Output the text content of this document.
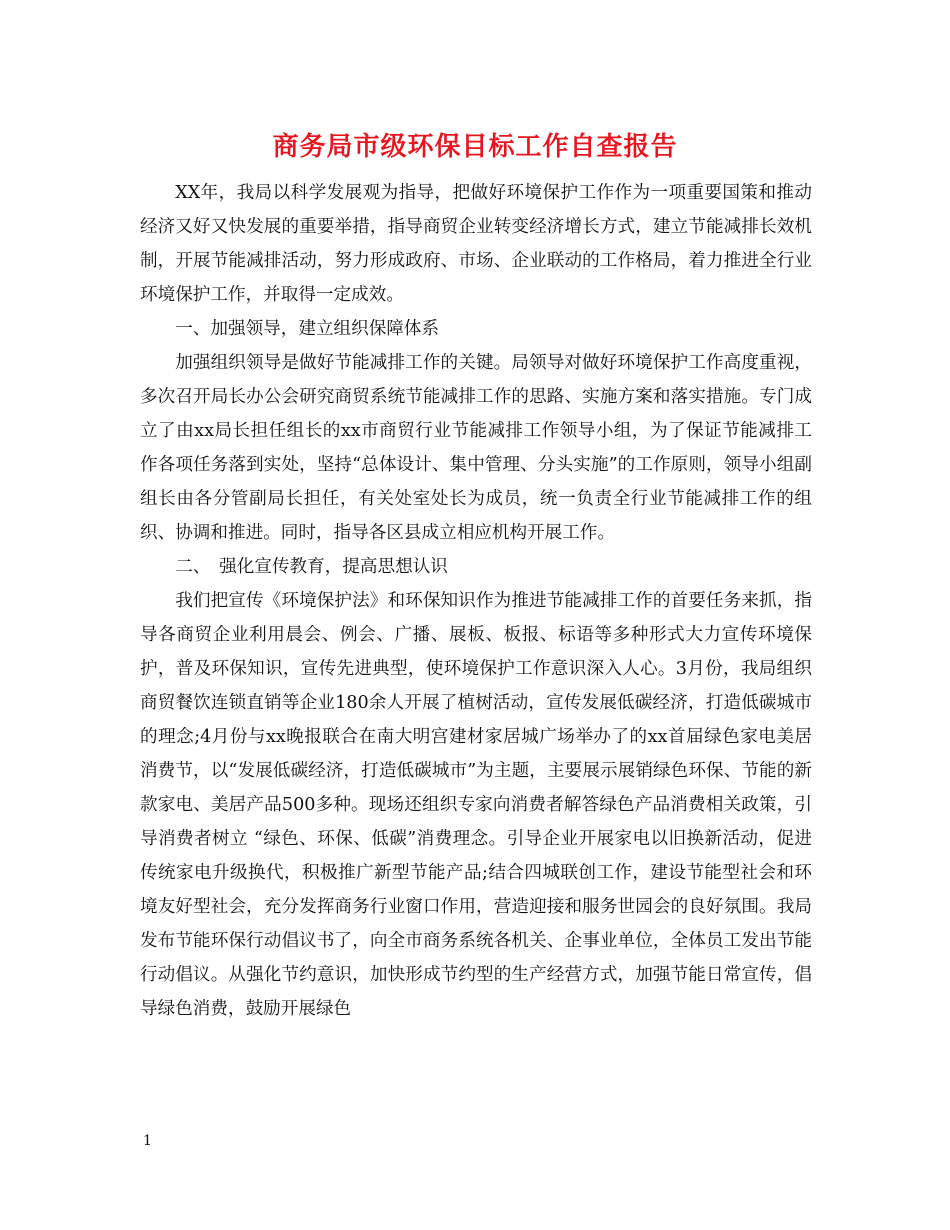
商务局市级环保目标工作自查报告

XX年，我局以科学发展观为指导，把做好环境保护工作作为一项重要国策和推动经济又好又快发展的重要举措，指导商贸企业转变经济增长方式，建立节能减排长效机制，开展节能减排活动，努力形成政府、市场、企业联动的工作格局，着力推进全行业环境保护工作，并取得一定成效。

一、加强领导，建立组织保障体系

加强组织领导是做好节能减排工作的关键。局领导对做好环境保护工作高度重视，多次召开局长办公会研究商贸系统节能减排工作的思路、实施方案和落实措施。专门成立了由xx局长担任组长的xx市商贸行业节能减排工作领导小组，为了保证节能减排工作各项任务落到实处，坚持“总体设计、集中管理、分头实施”的工作原则，领导小组副组长由各分管副局长担任，有关处室处长为成员，统一负责全行业节能减排工作的组织、协调和推进。同时，指导各区县成立相应机构开展工作。

二、　强化宣传教育，提高思想认识

我们把宣传《环境保护法》和环保知识作为推进节能减排工作的首要任务来抓，指导各商贸企业利用晨会、例会、广播、展板、板报、标语等多种形式大力宣传环境保护，普及环保知识，宣传先进典型，使环境保护工作意识深入人心。3月份，我局组织商贸餐饮连锁直销等企业180余人开展了植树活动，宣传发展低碳经济，打造低碳城市的理念;4月份与xx晚报联合在南大明宫建材家居城广场举办了的xx首届绿色家电美居消费节，以“发展低碳经济，打造低碳城市”为主题，主要展示展销绿色环保、节能的新款家电、美居产品500多种。现场还组织专家向消费者解答绿色产品消费相关政策，引导消费者树立 “绿色、环保、低碳”消费理念。引导企业开展家电以旧换新活动，促进传统家电升级换代，积极推广新型节能产品;结合四城联创工作，建设节能型社会和环境友好型社会，充分发挥商务行业窗口作用，营造迎接和服务世园会的良好氛围。我局发布节能环保行动倡议书了，向全市商务系统各机关、企事业单位，全体员工发出节能行动倡议。从强化节约意识，加快形成节约型的生产经营方式，加强节能日常宣传，倡导绿色消费，鼓励开展绿色

1
